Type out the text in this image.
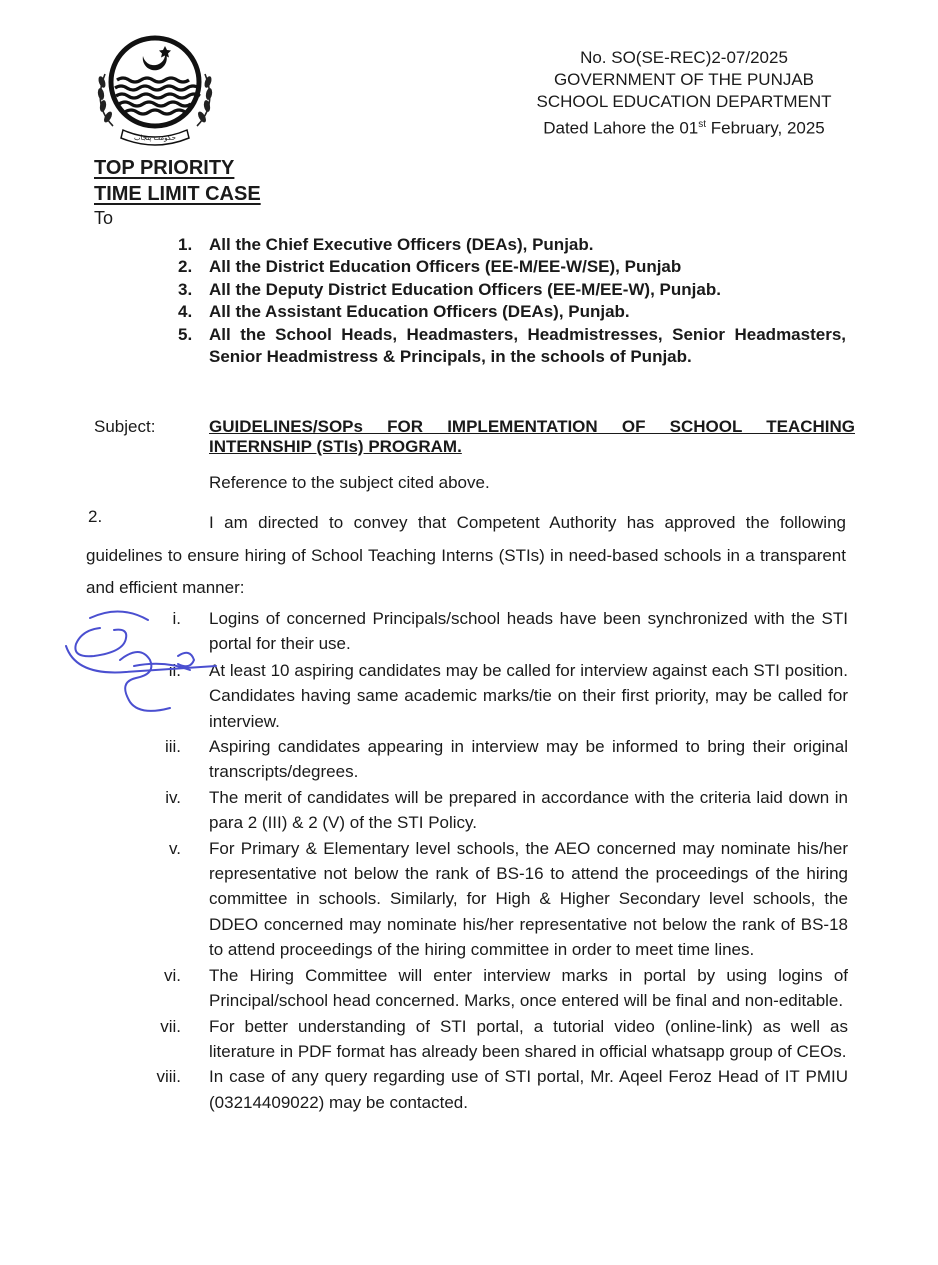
حکومت پنجاب
No. SO(SE-REC)2-07/2025
GOVERNMENT OF THE PUNJAB
SCHOOL EDUCATION DEPARTMENT
Dated Lahore the 01st February, 2025
TOP PRIORITY
TIME LIMIT CASE
To
1. All the Chief Executive Officers (DEAs), Punjab.
2. All the District Education Officers (EE-M/EE-W/SE), Punjab
3. All the Deputy District Education Officers (EE-M/EE-W), Punjab.
4. All the Assistant Education Officers (DEAs), Punjab.
5. All the School Heads, Headmasters, Headmistresses, Senior Headmasters, Senior Headmistress & Principals, in the schools of Punjab.
Subject:	GUIDELINES/SOPs FOR IMPLEMENTATION OF SCHOOL TEACHING INTERNSHIP (STIs) PROGRAM.
Reference to the subject cited above.
2.	I am directed to convey that Competent Authority has approved the following guidelines to ensure hiring of School Teaching Interns (STIs) in need-based schools in a transparent and efficient manner:
i.	Logins of concerned Principals/school heads have been synchronized with the STI portal for their use.
ii.	At least 10 aspiring candidates may be called for interview against each STI position. Candidates having same academic marks/tie on their first priority, may be called for interview.
iii.	Aspiring candidates appearing in interview may be informed to bring their original transcripts/degrees.
iv.	The merit of candidates will be prepared in accordance with the criteria laid down in para 2 (III) & 2 (V) of the STI Policy.
v.	For Primary & Elementary level schools, the AEO concerned may nominate his/her representative not below the rank of BS-16 to attend the proceedings of the hiring committee in schools. Similarly, for High & Higher Secondary level schools, the DDEO concerned may nominate his/her representative not below the rank of BS-18 to attend proceedings of the hiring committee in order to meet time lines.
vi.	The Hiring Committee will enter interview marks in portal by using logins of Principal/school head concerned. Marks, once entered will be final and non-editable.
vii.	For better understanding of STI portal, a tutorial video (online-link) as well as literature in PDF format has already been shared in official whatsapp group of CEOs.
viii.	In case of any query regarding use of STI portal, Mr. Aqeel Feroz Head of IT PMIU (03214409022) may be contacted.
